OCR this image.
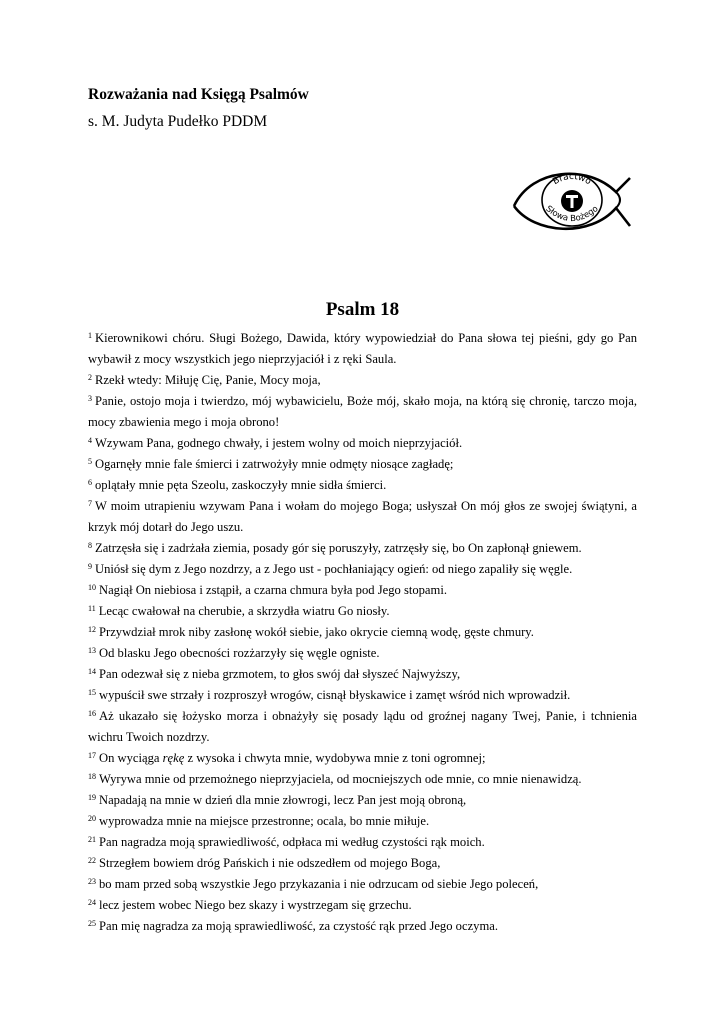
Rozważania nad Księgą Psalmów

s. M. Judyta Pudełko PDDM
Bractwo
Słowa Bożego
Psalm 18

$^1$ Kierownikowi chóru. Sługi Bożego, Dawida, który wypowiedział do Pana słowa tej pieśni, gdy go Pan wybawił z mocy wszystkich jego nieprzyjaciół i z ręki Saula.

$^2$ Rzekł wtedy: Miłuję Cię, Panie, Mocy moja,

$^3$ Panie, ostojo moja i twierdzo, mój wybawicielu, Boże mój, skało moja, na którą się chronię, tarczo moja, mocy zbawienia mego i moja obrono!

$^4$ Wzywam Pana, godnego chwały, i jestem wolny od moich nieprzyjaciół.

$^5$ Ogarnęły mnie fale śmierci i zatrwożyły mnie odmęty niosące zagładę;

$^6$ oplątały mnie pęta Szeolu, zaskoczyły mnie sidła śmierci.

$^7$ W moim utrapieniu wzywam Pana i wołam do mojego Boga; usłyszał On mój głos ze swojej świątyni, a krzyk mój dotarł do Jego uszu.

$^8$ Zatrzęsła się i zadrżała ziemia, posady gór się poruszyły, zatrzęsły się, bo On zapłonął gniewem.

$^9$ Uniósł się dym z Jego nozdrzy, a z Jego ust - pochłaniający ogień: od niego zapaliły się węgle.

$^{10}$ Nagiął On niebiosa i zstąpił, a czarna chmura była pod Jego stopami.

$^{11}$ Lecąc cwałował na cherubie, a skrzydła wiatru Go niosły.

$^{12}$ Przywdział mrok niby zasłonę wokół siebie, jako okrycie ciemną wodę, gęste chmury.

$^{13}$ Od blasku Jego obecności rozżarzyły się węgle ogniste.

$^{14}$ Pan odezwał się z nieba grzmotem, to głos swój dał słyszeć Najwyższy,

$^{15}$ wypuścił swe strzały i rozproszył wrogów, cisnął błyskawice i zamęt wśród nich wprowadził.

$^{16}$ Aż ukazało się łożysko morza i obnażyły się posady lądu od groźnej nagany Twej, Panie, i tchnienia wichru Twoich nozdrzy.

$^{17}$ On wyciąga rękę z wysoka i chwyta mnie, wydobywa mnie z toni ogromnej;

$^{18}$ Wyrywa mnie od przemożnego nieprzyjaciela, od mocniejszych ode mnie, co mnie nienawidzą.

$^{19}$ Napadają na mnie w dzień dla mnie złowrogi, lecz Pan jest moją obroną,

$^{20}$ wyprowadza mnie na miejsce przestronne; ocala, bo mnie miłuje.

$^{21}$ Pan nagradza moją sprawiedliwość, odpłaca mi według czystości rąk moich.

$^{22}$ Strzegłem bowiem dróg Pańskich i nie odszedłem od mojego Boga,

$^{23}$ bo mam przed sobą wszystkie Jego przykazania i nie odrzucam od siebie Jego poleceń,

$^{24}$ lecz jestem wobec Niego bez skazy i wystrzegam się grzechu.

$^{25}$ Pan mię nagradza za moją sprawiedliwość, za czystość rąk przed Jego oczyma.
